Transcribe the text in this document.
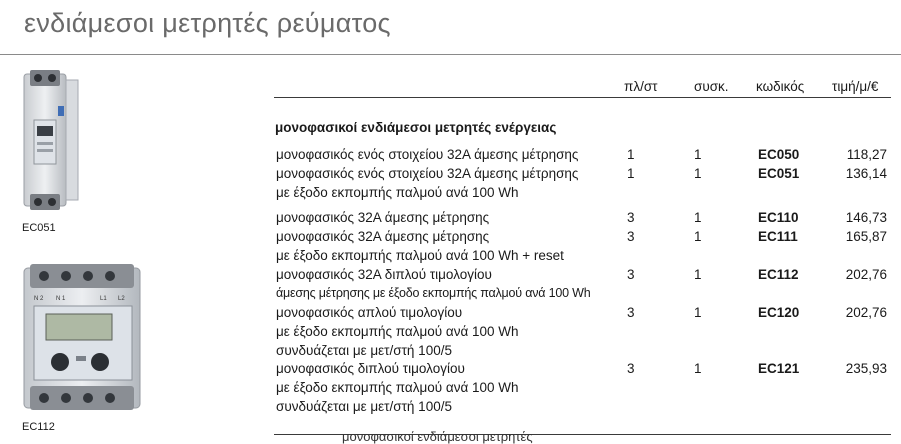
ενδιάμεσοι μετρητές ρεύματος
EC051
N 2 N 1	L1 L2
EC112
πλ/στ	συσκ. κωδικός τιμή/μ/€
μονοφασικοί ενδιάμεσοι μετρητές ενέργειας
μονοφασικός ενός στοιχείου 32A άμεσης μέτρησης	1	1	EC050	118,27
μονοφασικός ενός στοιχείου 32A άμεσης μέτρησης
με έξοδο εκπομπής παλμού ανά 100 Wh
1	1	EC051	136,14
μονοφασικός 32A άμεσης μέτρησης	3	1	EC110	146,73
μονοφασικός 32A άμεσης μέτρησης
με έξοδο εκπομπής παλμού ανά 100 Wh + reset
3	1	EC111	165,87
μονοφασικός 32A διπλού τιμολογίου
άμεσης μέτρησης με έξοδο εκπομπής παλμού ανά 100 Wh
3	1	EC112	202,76
μονοφασικός απλού τιμολογίου
με έξοδο εκπομπής παλμού ανά 100 Wh
συνδυάζεται με μετ/στή 100/5
3	1	EC120	202,76
μονοφασικός διπλού τιμολογίου
με έξοδο εκπομπής παλμού ανά 100 Wh
συνδυάζεται με μετ/στή 100/5
3	1	EC121	235,93
μονοφασικοί ενδιάμεσοι μετρητές
